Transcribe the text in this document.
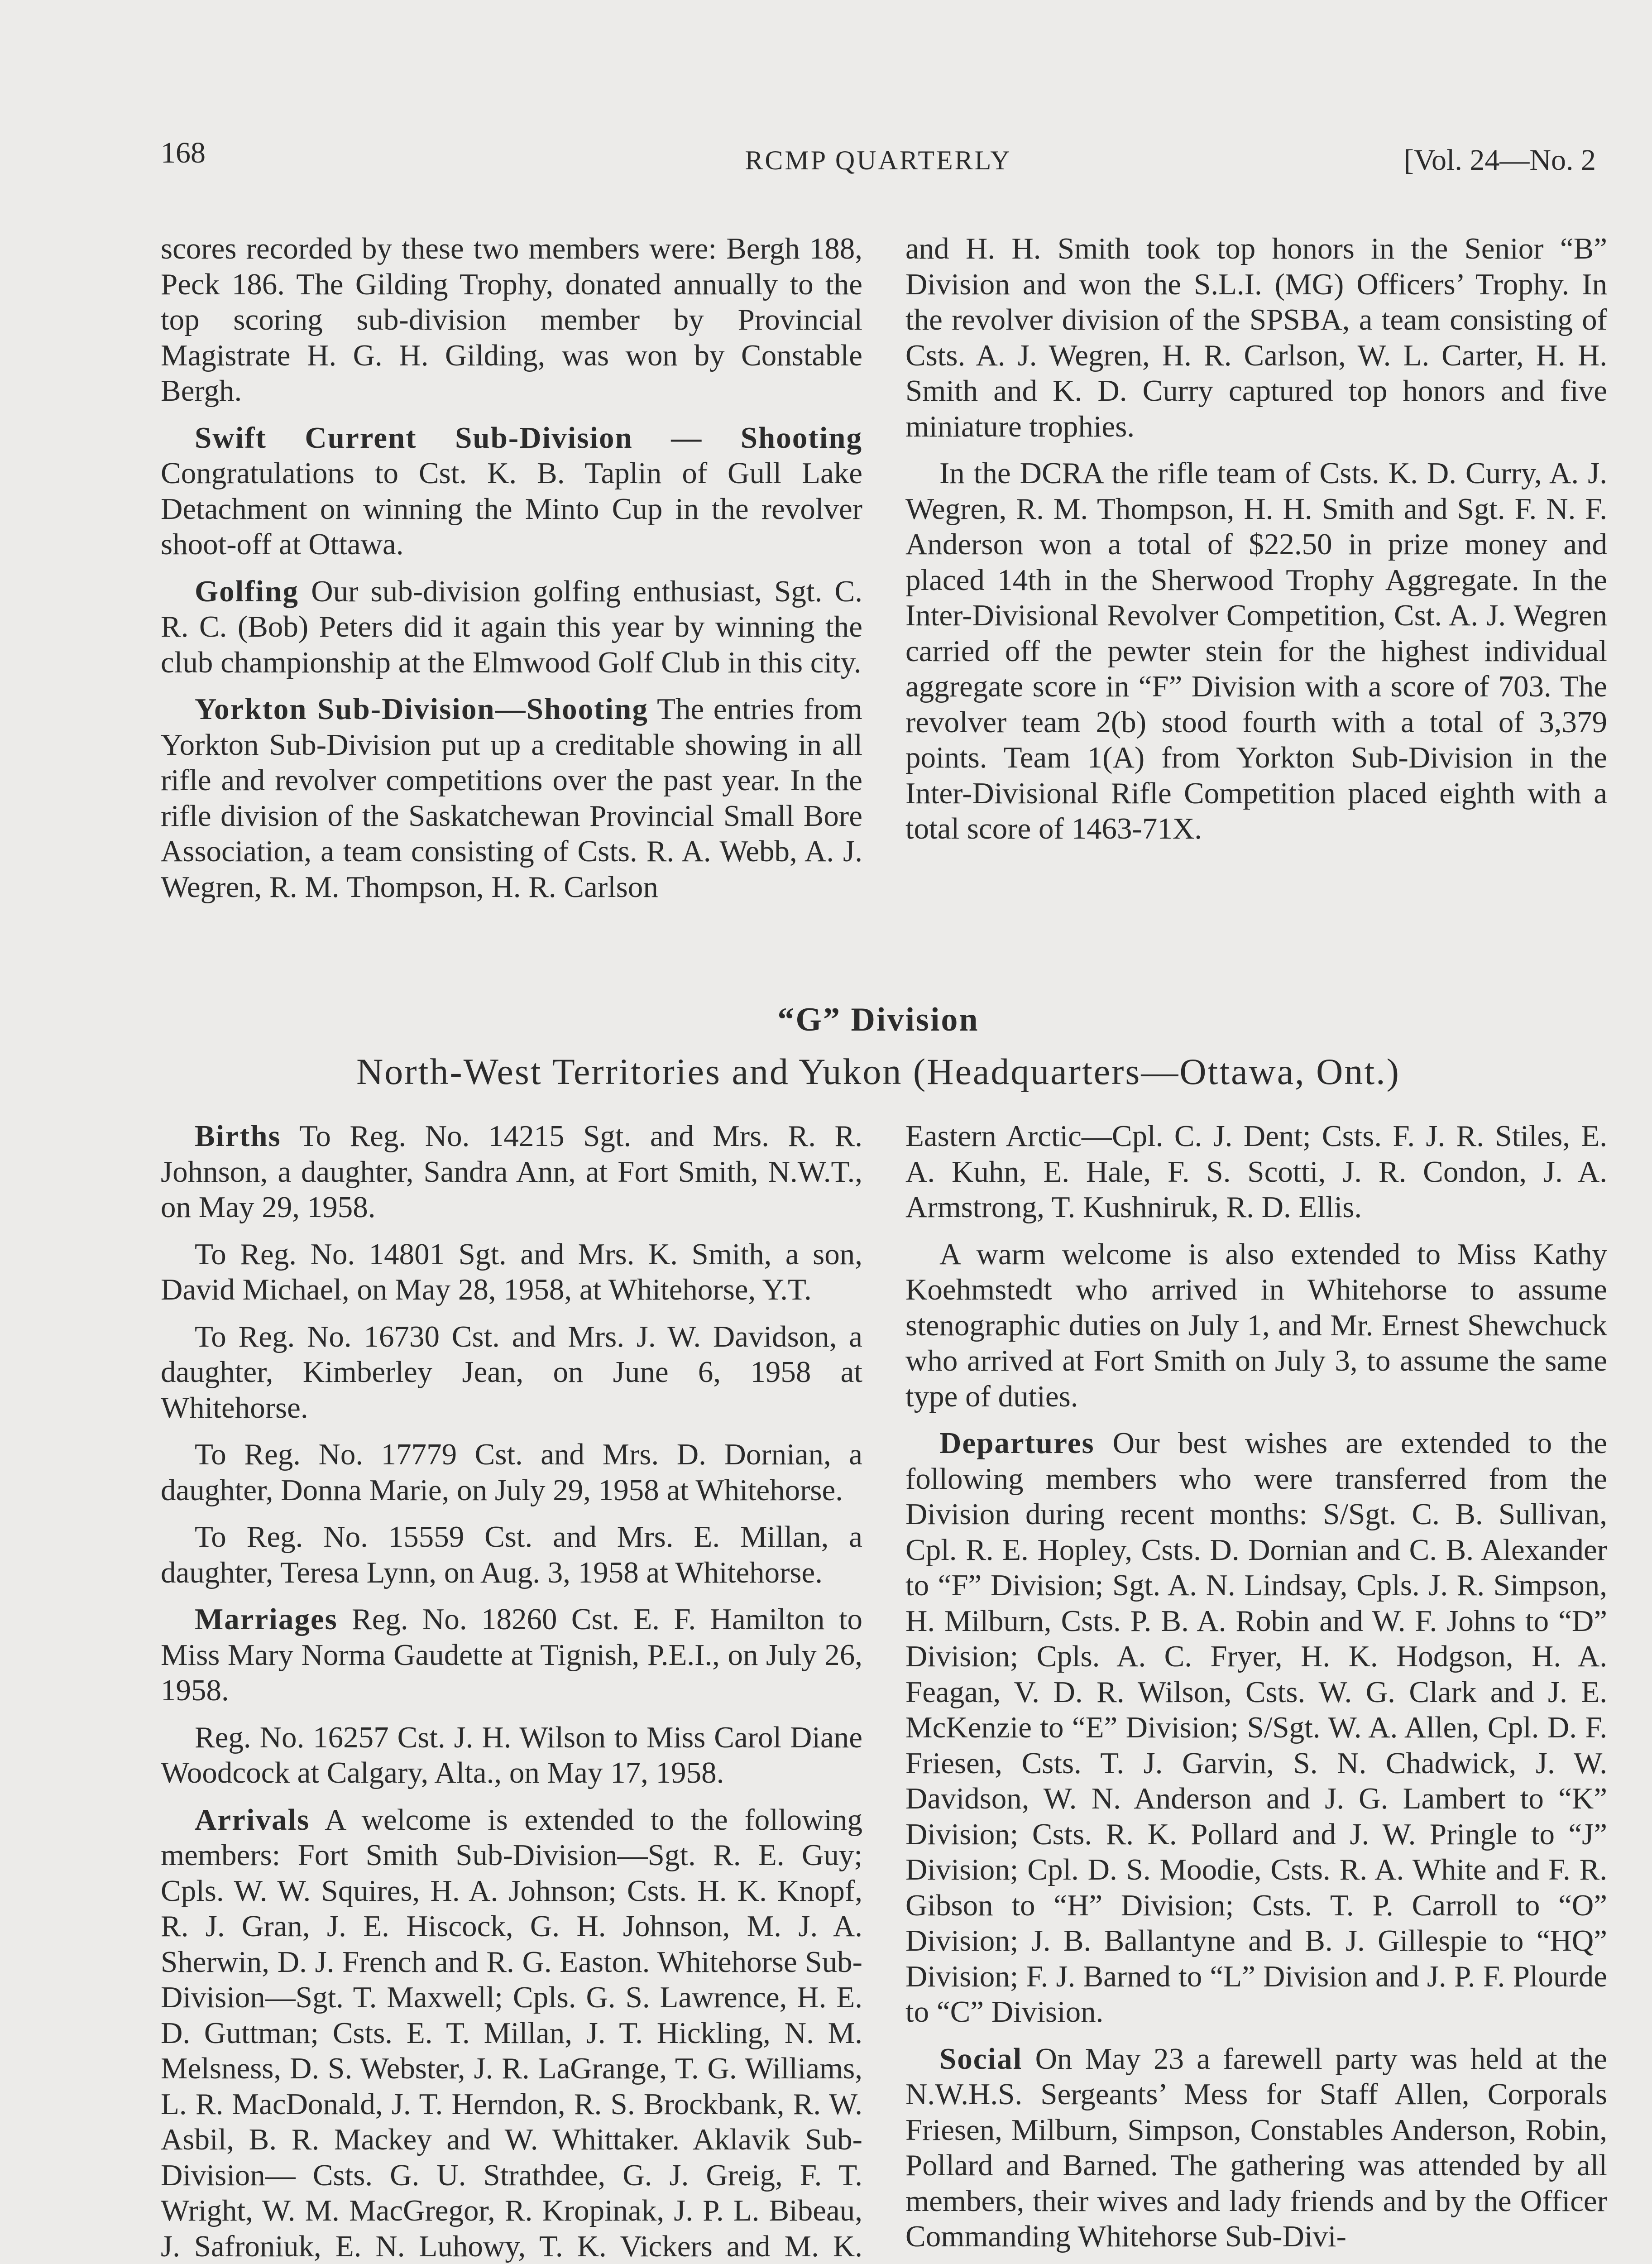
168	RCMP QUARTERLY	[Vol. 24—No. 2

scores recorded by these two members were: Bergh 188, Peck 186. The Gilding Trophy, donated annually to the top scoring sub-division member by Provincial Magistrate H. G. H. Gilding, was won by Constable Bergh.

Swift Current Sub-Division — Shooting Congratulations to Cst. K. B. Taplin of Gull Lake Detachment on winning the Minto Cup in the revolver shoot-off at Ottawa.

Golfing Our sub-division golfing enthusiast, Sgt. C. R. C. (Bob) Peters did it again this year by winning the club championship at the Elmwood Golf Club in this city.

Yorkton Sub-Division—Shooting The entries from Yorkton Sub-Division put up a creditable showing in all rifle and revolver competitions over the past year. In the rifle division of the Saskatchewan Provincial Small Bore Association, a team consisting of Csts. R. A. Webb, A. J. Wegren, R. M. Thompson, H. R. Carlson

and H. H. Smith took top honors in the Senior “B” Division and won the S.L.I. (MG) Officers’ Trophy. In the revolver division of the SPSBA, a team consisting of Csts. A. J. Wegren, H. R. Carlson, W. L. Carter, H. H. Smith and K. D. Curry captured top honors and five miniature trophies.

In the DCRA the rifle team of Csts. K. D. Curry, A. J. Wegren, R. M. Thompson, H. H. Smith and Sgt. F. N. F. Anderson won a total of $22.50 in prize money and placed 14th in the Sherwood Trophy Aggregate. In the Inter-Divisional Revolver Competition, Cst. A. J. Wegren carried off the pewter stein for the highest individual aggregate score in “F” Division with a score of 703. The revolver team 2(b) stood fourth with a total of 3,379 points. Team 1(A) from Yorkton Sub-Division in the Inter-Divisional Rifle Competition placed eighth with a total score of 1463-71X.

“G” Division
North-West Territories and Yukon (Headquarters—Ottawa, Ont.)

Births To Reg. No. 14215 Sgt. and Mrs. R. R. Johnson, a daughter, Sandra Ann, at Fort Smith, N.W.T., on May 29, 1958.

To Reg. No. 14801 Sgt. and Mrs. K. Smith, a son, David Michael, on May 28, 1958, at Whitehorse, Y.T.

To Reg. No. 16730 Cst. and Mrs. J. W. Davidson, a daughter, Kimberley Jean, on June 6, 1958 at Whitehorse.

To Reg. No. 17779 Cst. and Mrs. D. Dornian, a daughter, Donna Marie, on July 29, 1958 at Whitehorse.

To Reg. No. 15559 Cst. and Mrs. E. Millan, a daughter, Teresa Lynn, on Aug. 3, 1958 at Whitehorse.

Marriages Reg. No. 18260 Cst. E. F. Hamilton to Miss Mary Norma Gaudette at Tignish, P.E.I., on July 26, 1958.

Reg. No. 16257 Cst. J. H. Wilson to Miss Carol Diane Woodcock at Calgary, Alta., on May 17, 1958.

Arrivals A welcome is extended to the following members: Fort Smith Sub-Division—Sgt. R. E. Guy; Cpls. W. W. Squires, H. A. Johnson; Csts. H. K. Knopf, R. J. Gran, J. E. Hiscock, G. H. Johnson, M. J. A. Sherwin, D. J. French and R. G. Easton. Whitehorse Sub-Division—Sgt. T. Maxwell; Cpls. G. S. Lawrence, H. E. D. Guttman; Csts. E. T. Millan, J. T. Hickling, N. M. Melsness, D. S. Webster, J. R. LaGrange, T. G. Williams, L. R. MacDonald, J. T. Herndon, R. S. Brockbank, R. W. Asbil, B. R. Mackey and W. Whittaker. Aklavik Sub-Division— Csts. G. U. Strathdee, G. J. Greig, F. T. Wright, W. M. MacGregor, R. Kropinak, J. P. L. Bibeau, J. Safroniuk, E. N. Luhowy, T. K. Vickers and M. K.

Eastern Arctic—Cpl. C. J. Dent; Csts. F. J. R. Stiles, E. A. Kuhn, E. Hale, F. S. Scotti, J. R. Condon, J. A. Armstrong, T. Kushniruk, R. D. Ellis.

A warm welcome is also extended to Miss Kathy Koehmstedt who arrived in Whitehorse to assume stenographic duties on July 1, and Mr. Ernest Shewchuck who arrived at Fort Smith on July 3, to assume the same type of duties.

Departures Our best wishes are extended to the following members who were transferred from the Division during recent months: S/Sgt. C. B. Sullivan, Cpl. R. E. Hopley, Csts. D. Dornian and C. B. Alexander to “F” Division; Sgt. A. N. Lindsay, Cpls. J. R. Simpson, H. Milburn, Csts. P. B. A. Robin and W. F. Johns to “D” Division; Cpls. A. C. Fryer, H. K. Hodgson, H. A. Feagan, V. D. R. Wilson, Csts. W. G. Clark and J. E. McKenzie to “E” Division; S/Sgt. W. A. Allen, Cpl. D. F. Friesen, Csts. T. J. Garvin, S. N. Chadwick, J. W. Davidson, W. N. Anderson and J. G. Lambert to “K” Division; Csts. R. K. Pollard and J. W. Pringle to “J” Division; Cpl. D. S. Moodie, Csts. R. A. White and F. R. Gibson to “H” Division; Csts. T. P. Carroll to “O” Division; J. B. Ballantyne and B. J. Gillespie to “HQ” Division; F. J. Barned to “L” Division and J. P. F. Plourde to “C” Division.

Social On May 23 a farewell party was held at the N.W.H.S. Sergeants’ Mess for Staff Allen, Corporals Friesen, Milburn, Simpson, Constables Anderson, Robin, Pollard and Barned. The gathering was attended by all members, their wives and lady friends and by the Officer Commanding Whitehorse Sub-Divi-
